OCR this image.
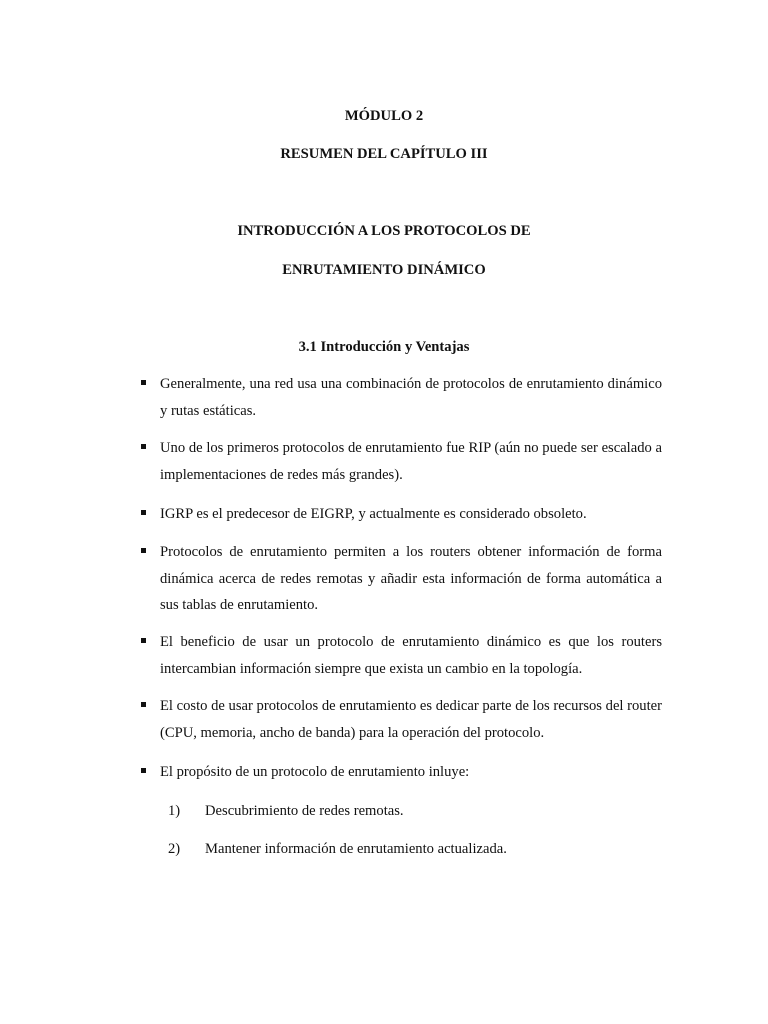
MÓDULO 2
RESUMEN DEL CAPÍTULO III
INTRODUCCIÓN A LOS PROTOCOLOS DE
ENRUTAMIENTO DINÁMICO
3.1 Introducción y Ventajas
Generalmente, una red usa una combinación de protocolos de enrutamiento dinámico y rutas estáticas.
Uno de los primeros protocolos de enrutamiento fue RIP (aún no puede ser escalado a implementaciones de redes más grandes).
IGRP es el predecesor de EIGRP, y actualmente es considerado obsoleto.
Protocolos de enrutamiento permiten a los routers obtener información de forma dinámica acerca de redes remotas y añadir esta información de forma automática a sus tablas de enrutamiento.
El beneficio de usar un protocolo de enrutamiento dinámico es que los routers intercambian información siempre que exista un cambio en la topología.
El costo de usar protocolos de enrutamiento es dedicar parte de los recursos del router (CPU, memoria, ancho de banda) para la operación del protocolo.
El propósito de un protocolo de enrutamiento inluye:
1) Descubrimiento de redes remotas.
2) Mantener información de enrutamiento actualizada.
